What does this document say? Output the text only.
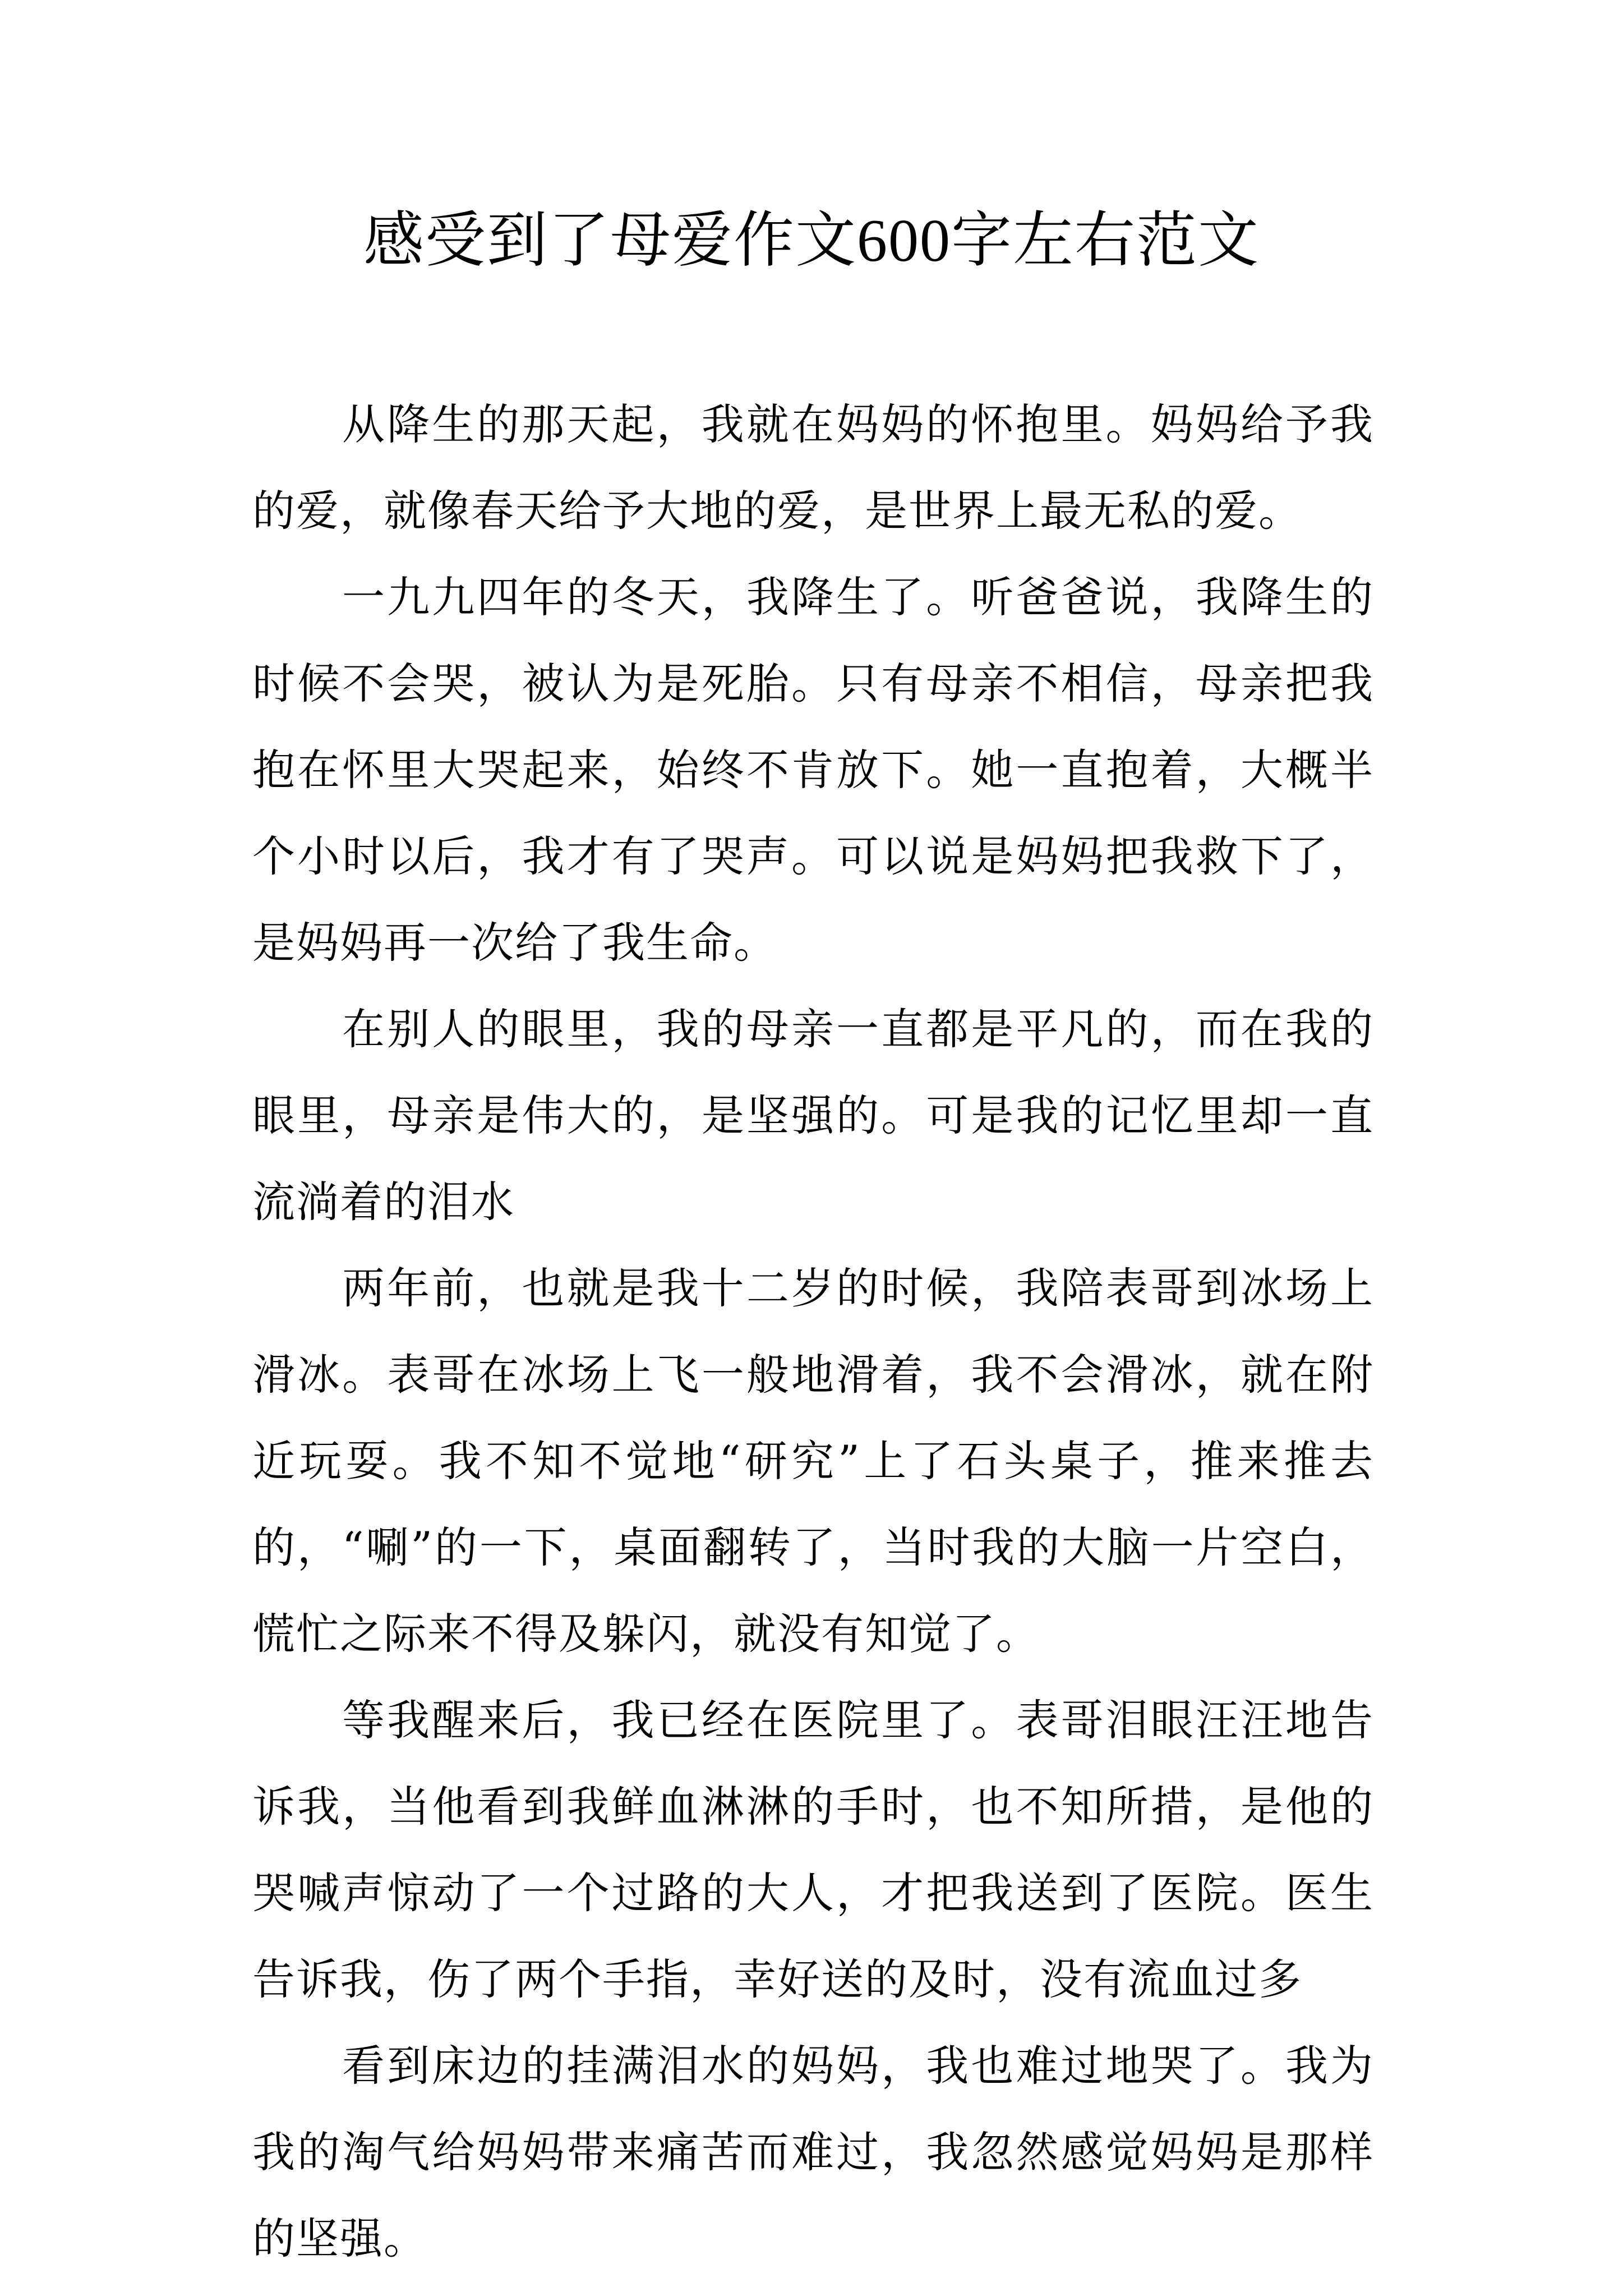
感受到了母爱作文600字左右范文

从降生的那天起，我就在妈妈的怀抱里。妈妈给予我的爱，就像春天给予大地的爱，是世界上最无私的爱。

一九九四年的冬天，我降生了。听爸爸说，我降生的时候不会哭，被认为是死胎。只有母亲不相信，母亲把我抱在怀里大哭起来，始终不肯放下。她一直抱着，大概半个小时以后，我才有了哭声。可以说是妈妈把我救下了，是妈妈再一次给了我生命。

在别人的眼里，我的母亲一直都是平凡的，而在我的眼里，母亲是伟大的，是坚强的。可是我的记忆里却一直流淌着的泪水

两年前，也就是我十二岁的时候，我陪表哥到冰场上滑冰。表哥在冰场上飞一般地滑着，我不会滑冰，就在附近玩耍。我不知不觉地“研究”上了石头桌子，推来推去的，“唰”的一下，桌面翻转了，当时我的大脑一片空白，慌忙之际来不得及躲闪，就没有知觉了。

等我醒来后，我已经在医院里了。表哥泪眼汪汪地告诉我，当他看到我鲜血淋淋的手时，也不知所措，是他的哭喊声惊动了一个过路的大人，才把我送到了医院。医生告诉我，伤了两个手指，幸好送的及时，没有流血过多

看到床边的挂满泪水的妈妈，我也难过地哭了。我为我的淘气给妈妈带来痛苦而难过，我忽然感觉妈妈是那样的坚强。
